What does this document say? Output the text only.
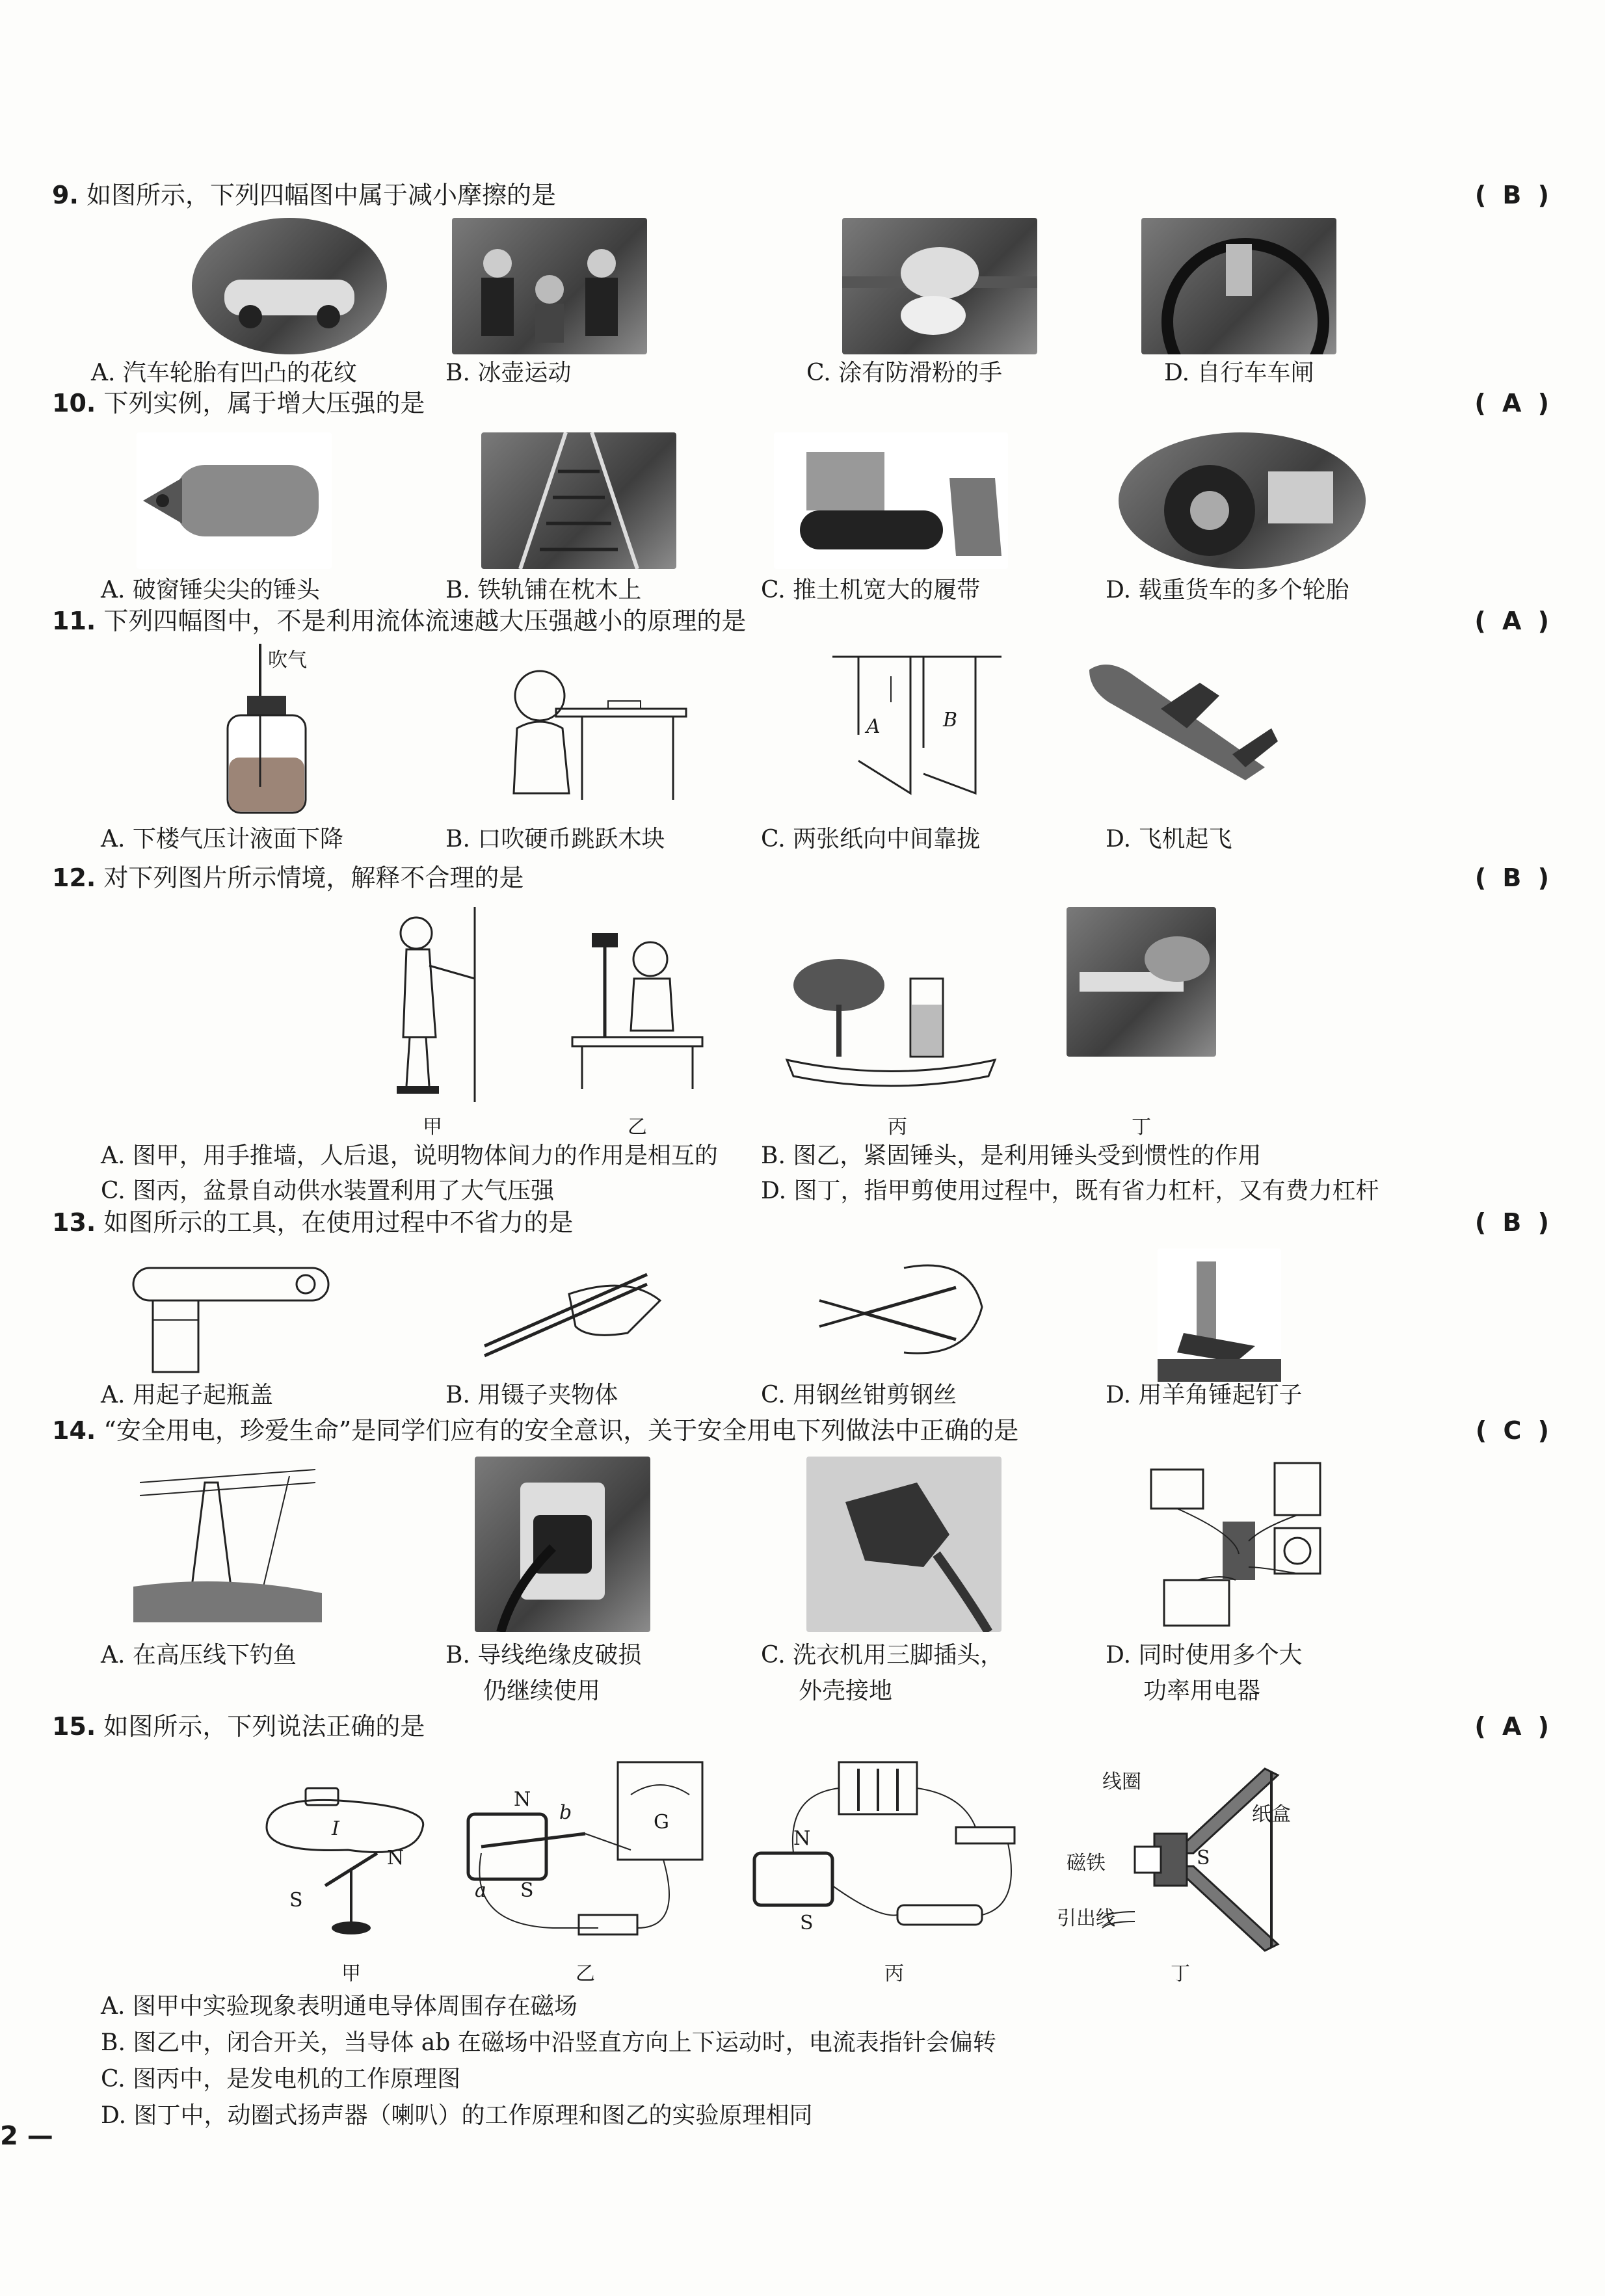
9. 如图所示，下列四幅图中属于减小摩擦的是	( B )
A. 汽车轮胎有凹凸的花纹	B. 冰壶运动	C. 涂有防滑粉的手	D. 自行车车闸
10. 下列实例，属于增大压强的是	( A )
A. 破窗锤尖尖的锤头	B. 铁轨铺在枕木上	C. 推土机宽大的履带	D. 载重货车的多个轮胎
11. 下列四幅图中，不是利用流体流速越大压强越小的原理的是	( A )
吹气
A	B
A. 下楼气压计液面下降	B. 口吹硬币跳跃木块	C. 两张纸向中间靠拢	D. 飞机起飞
12. 对下列图片所示情境，解释不合理的是	( B )
甲	乙	丙	丁
A. 图甲，用手推墙，人后退，说明物体间力的作用是相互的 B. 图乙，紧固锤头，是利用锤头受到惯性的作用
C. 图丙，盆景自动供水装置利用了大气压强	D. 图丁，指甲剪使用过程中，既有省力杠杆，又有费力杠杆
13. 如图所示的工具，在使用过程中不省力的是	( B )
A. 用起子起瓶盖	B. 用镊子夹物体	C. 用钢丝钳剪钢丝	D. 用羊角锤起钉子
14. “安全用电，珍爱生命”是同学们应有的安全意识，关于安全用电下列做法中正确的是	( C )
A. 在高压线下钓鱼	B. 导线绝缘皮破损
仍继续使用
C. 洗衣机用三脚插头，
外壳接地
D. 同时使用多个大
功率用电器
15. 如图所示，下列说法正确的是	( A )
I
N
S
N
S
b
a
G
N
S
线圈
纸盒
磁铁	S
引出线
甲	乙	丙	丁
A. 图甲中实验现象表明通电导体周围存在磁场
B. 图乙中，闭合开关，当导体 ab 在磁场中沿竖直方向上下运动时，电流表指针会偏转
C. 图丙中，是发电机的工作原理图
D. 图丁中，动圈式扬声器（喇叭）的工作原理和图乙的实验原理相同
2 —
